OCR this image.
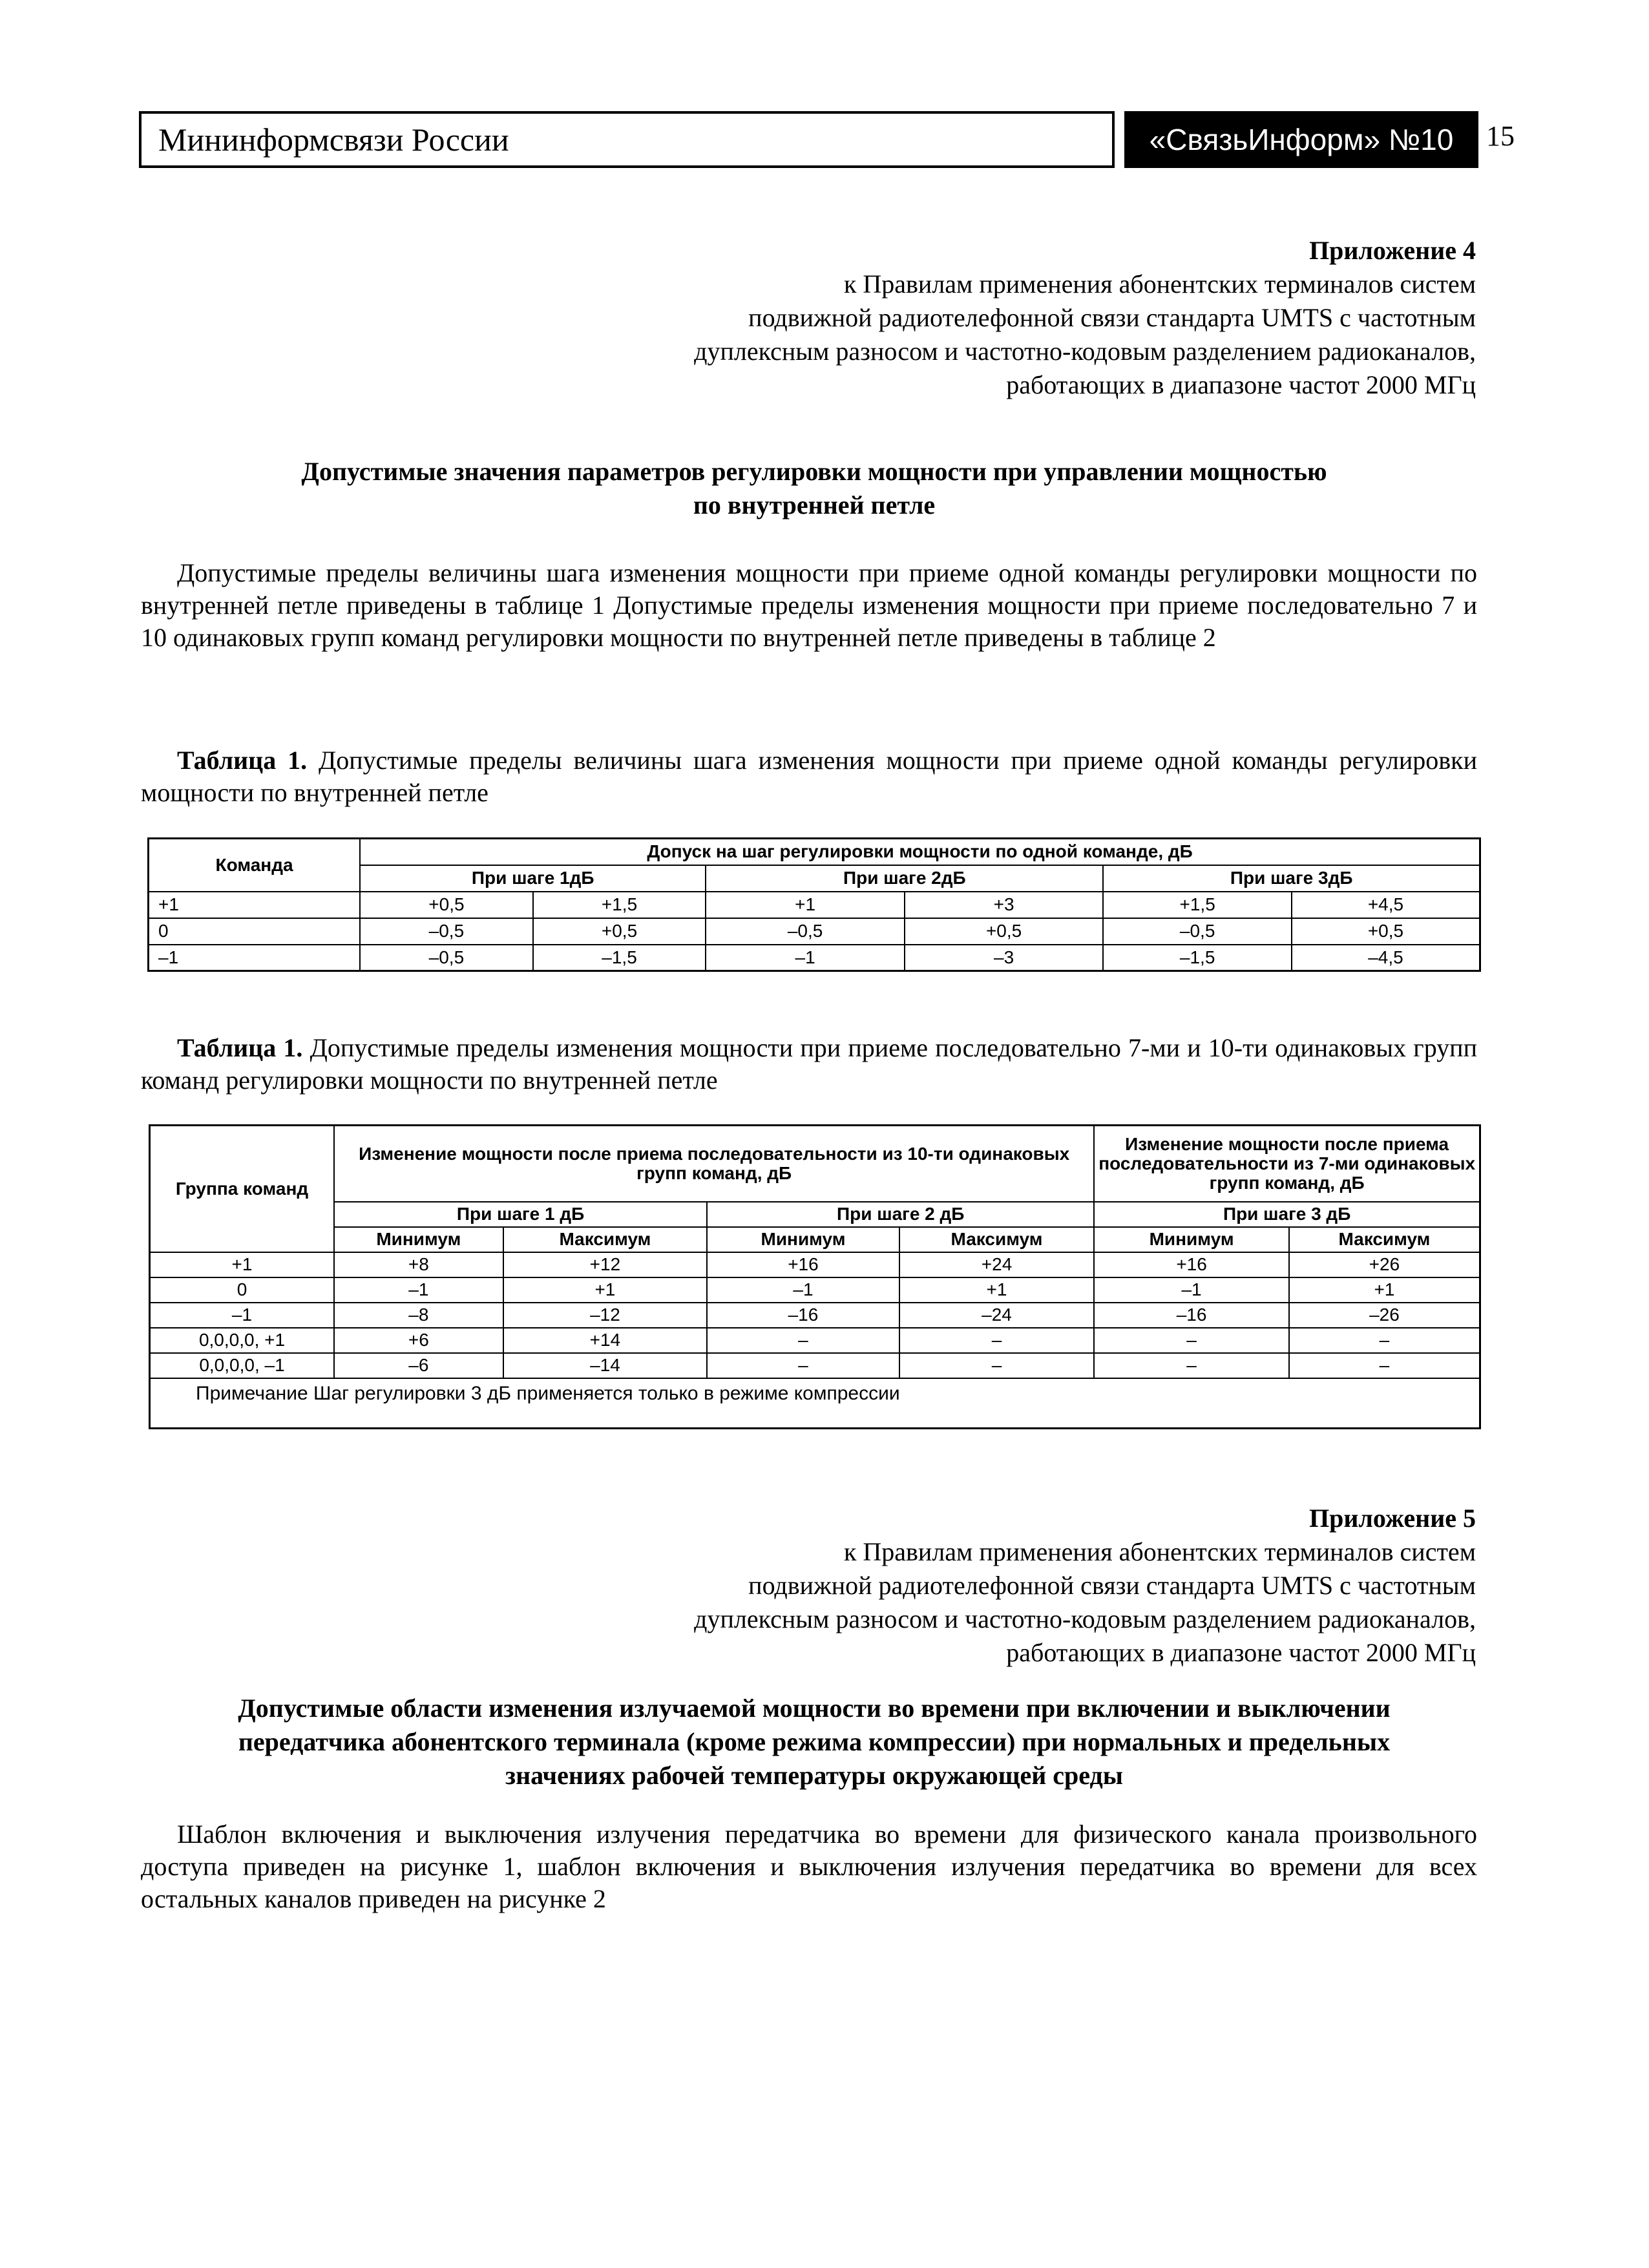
Мининформсвязи России	«СвязьИнформ» №10	15
Приложение 4
к Правилам применения абонентских терминалов систем
подвижной радиотелефонной связи стандарта UMTS с частотным
дуплексным разносом и частотно-кодовым разделением радиоканалов,
работающих в диапазоне частот 2000 МГц
Допустимые значения параметров регулировки мощности при управлении мощностью
по внутренней петле
Допустимые пределы величины шага изменения мощности при приеме одной команды регулировки мощности по внутренней петле приведены в таблице 1 Допустимые пределы изменения мощности при приеме последовательно 7 и 10 одинаковых групп команд регулировки мощности по внутренней петле приведены в таблице 2
Таблица 1. Допустимые пределы величины шага изменения мощности при приеме одной команды регулировки мощности по внутренней петле
Команда	Допуск на шаг регулировки мощности по одной команде, дБ					
	При шаге 1дБ		При шаге 2дБ		При шаге 3дБ	
+1	+0,5	+1,5	+1	+3	+1,5	+4,5
0	–0,5	+0,5	–0,5	+0,5	–0,5	+0,5
–1	–0,5	–1,5	–1	–3	–1,5	–4,5
Таблица 1. Допустимые пределы изменения мощности при приеме последовательно 7-ми и 10-ти одинаковых групп команд регулировки мощности по внутренней петле
Группа команд	Изменение мощности после приема последовательности из 10-ти одинаковых групп команд, дБ				Изменение мощности после приема последовательности из 7-ми одинаковых групп команд, дБ	
	При шаге 1 дБ		При шаге 2 дБ		При шаге 3 дБ	
	Минимум	Максимум	Минимум	Максимум	Минимум	Максимум
+1	+8	+12	+16	+24	+16	+26
0	–1	+1	–1	+1	–1	+1
–1	–8	–12	–16	–24	–16	–26
0,0,0,0, +1	+6	+14	–	–	–	–
0,0,0,0, –1	–6	–14	–	–	–	–
Примечание Шаг регулировки 3 дБ применяется только в режиме компрессии						
Приложение 5
к Правилам применения абонентских терминалов систем
подвижной радиотелефонной связи стандарта UMTS с частотным
дуплексным разносом и частотно-кодовым разделением радиоканалов,
работающих в диапазоне частот 2000 МГц
Допустимые области изменения излучаемой мощности во времени при включении и выключении
передатчика абонентского терминала (кроме режима компрессии) при нормальных и предельных
значениях рабочей температуры окружающей среды
Шаблон включения и выключения излучения передатчика во времени для физического канала произвольного доступа приведен на рисунке 1, шаблон включения и выключения излучения передатчика во времени для всех остальных каналов приведен на рисунке 2
